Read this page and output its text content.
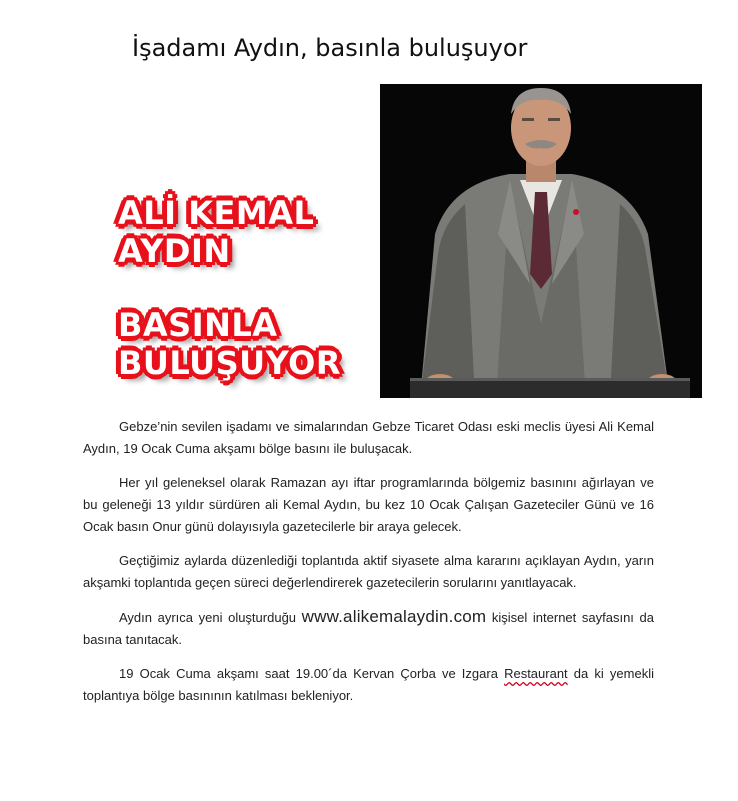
İşadamı Aydın, basınla buluşuyor
ALİ KEMAL
AYDIN
BASINLA
BULUŞUYOR

Gebze’nin sevilen işadamı ve simalarından Gebze Ticaret Odası eski meclis üyesi Ali Kemal Aydın, 19 Ocak Cuma akşamı bölge basını ile buluşacak.

Her yıl geleneksel olarak Ramazan ayı iftar programlarında bölgemiz basınını ağırlayan ve bu geleneği 13 yıldır sürdüren ali Kemal Aydın, bu kez 10 Ocak Çalışan Gazeteciler Günü ve 16 Ocak basın Onur günü dolayısıyla gazetecilerle bir araya gelecek.

Geçtiğimiz aylarda düzenlediği toplantıda aktif siyasete alma kararını açıklayan Aydın, yarın akşamki toplantıda geçen süreci değerlendirerek gazetecilerin sorularını yanıtlayacak.

Aydın ayrıca yeni oluşturduğu www.alikemalaydin.com kişisel internet sayfasını da basına tanıtacak.

19 Ocak Cuma akşamı saat 19.00´da Kervan Çorba ve Izgara Restaurant da ki yemekli toplantıya bölge basınının katılması bekleniyor.
